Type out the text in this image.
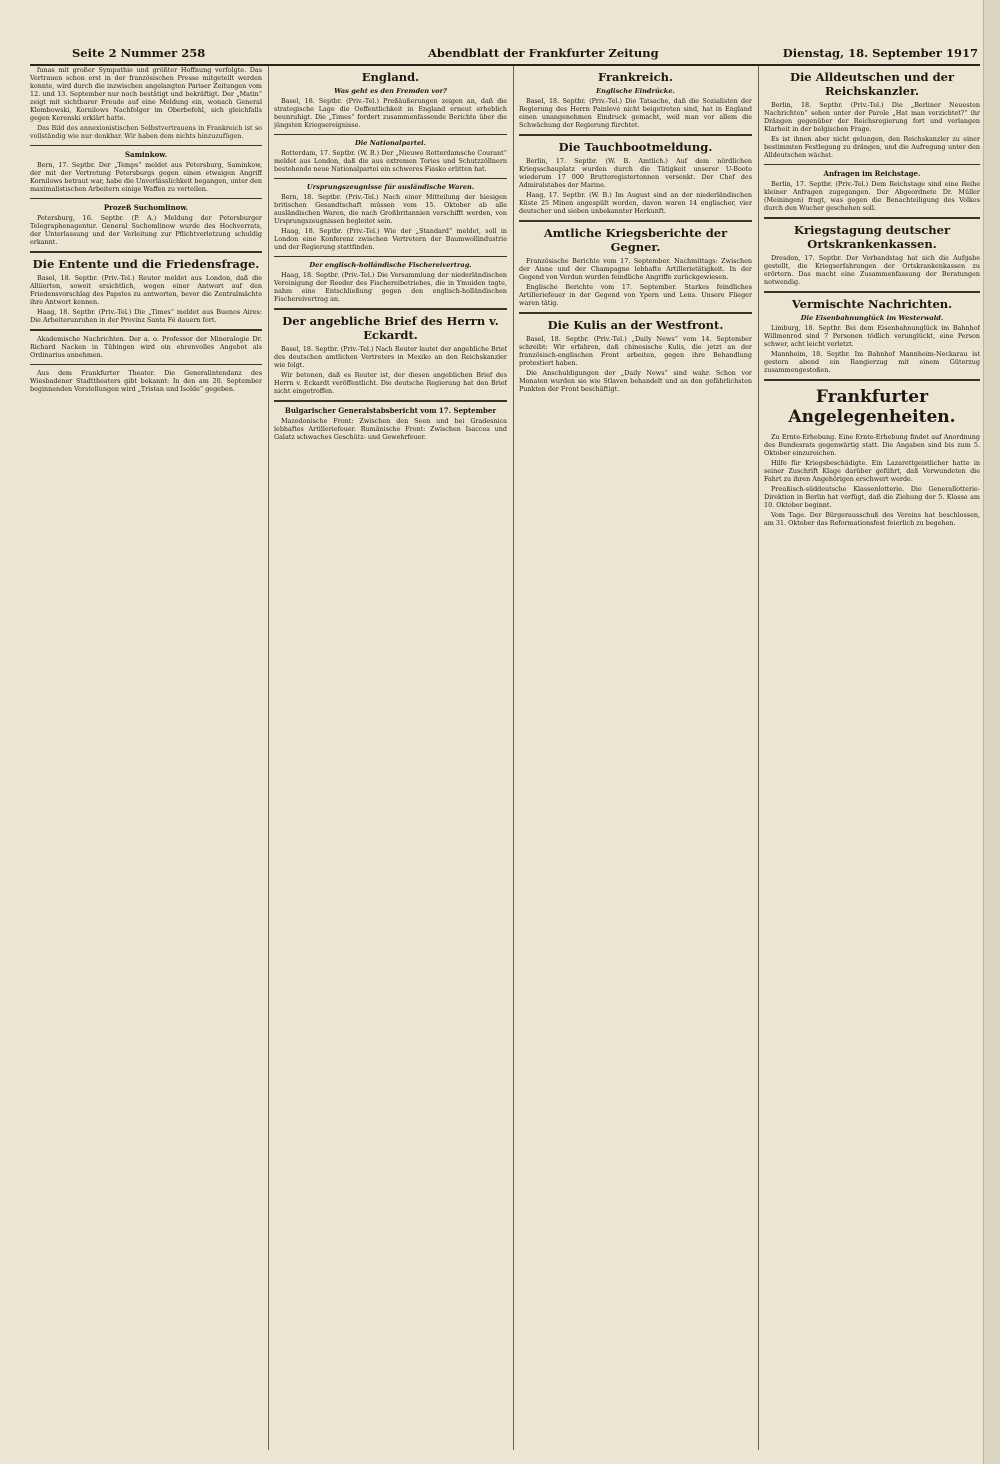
Seite 2 Nummer 258	Abendblatt der Frankfurter Zeitung	Dienstag, 18. September 1917

funas mit großer Sympathie und größter Hoffnung verfolgte. Das Vertrauen schon erst in der französischen Presse mitgeteilt werden konnte, wird durch die inzwischen angelangten Pariser Zeitungen vom 12. und 13. September nur noch bestätigt und bekräftigt. Der „Matin“ zeigt mit sichtbarer Freude auf eine Meldung ein, wonach General Klembowski, Kornilows Nachfolger im Oberbefehl, sich gleichfalls gegen Kerenski erklärt hatte.

Das Bild des annexionistischen Selbstvertrauens in Frankreich ist so vollständig wie nur denkbar. Wir haben dem nichts hinzuzufügen.

Saminkow.

Bern, 17. Septbr. Der „Temps“ meldet aus Petersburg, Saminkow, der mit der Vertretung Petersburgs gegen einen etwaigen Angriff Kornilows betraut war, habe die Unverlässlichkeit begangen, unter den maximalistischen Arbeitern einige Waffen zu verteilen.

Prozeß Suchomlinow.

Petersburg, 16. Septbr. (P. A.) Meldung der Petersburger Telegraphenagentur. General Suchomlinow wurde des Hochverrats, der Unterlassung und der Verleitung zur Pflichtverletzung schuldig erkannt.

Die Entente und die Friedensfrage.

Basel, 18. Septbr. (Priv.-Tel.) Reuter meldet aus London, daß die Alliierten, soweit ersichtlich, wegen einer Antwort auf den Friedensvorschlag des Papstes zu antworten, bevor die Zentralmächte ihre Antwort kennen.

Haag, 18. Septbr. (Priv.-Tel.) Die „Times“ meldet aus Buenos Aires: Die Arbeiterunruhen in der Provinz Santa Fé dauern fort.

Akademische Nachrichten. Der a. o. Professor der Mineralogie Dr. Richard Nacken in Tübingen wird ein ehrenvolles Angebot als Ordinarius annehmen.

Aus dem Frankfurter Theater. Die Generalintendanz des Wiesbadener Stadttheaters gibt bekannt: In den am 20. September beginnenden Vorstellungen wird „Tristan und Isolde“ gegeben.

England.
Was geht es den Fremden vor?

Basel, 18. Septbr. (Priv.-Tel.) Preßäußerungen zeigen an, daß die strategische Lage die Oeffentlichkeit in England erneut erheblich beunruhigt. Die „Times“ fordert zusammenfassende Berichte über die jüngsten Kriegsereignisse.

Die Nationalpartei.

Rotterdam, 17. Septbr. (W. B.) Der „Nieuwe Rotterdamsche Courant“ meldet aus London, daß die aus extremen Tories und Schutzzöllnern bestehende neue Nationalpartei ein schweres Fiasko erlitten hat.

Ursprungszeugnisse für ausländische Waren.

Bern, 18. Septbr. (Priv.-Tel.) Nach einer Mitteilung der hiesigen britischen Gesandtschaft müssen vom 15. Oktober ab alle ausländischen Waren, die nach Großbritannien verschifft werden, von Ursprungszeugnissen begleitet sein.

Haag, 18. Septbr. (Priv.-Tel.) Wie der „Standard“ meldet, soll in London eine Konferenz zwischen Vertretern der Baumwollindustrie und der Regierung stattfinden.

Der englisch-holländische Fischereivertrag.

Haag, 18. Septbr. (Priv.-Tel.) Die Versammlung der niederländischen Vereinigung der Reeder des Fischereibetriebes, die in Ymuiden tagte, nahm eine Entschließung gegen den englisch-holländischen Fischereivertrag an.

Der angebliche Brief des Herrn v. Eckardt.

Basel, 18. Septbr. (Priv.-Tel.) Nach Reuter lautet der angebliche Brief des deutschen amtlichen Vertreters in Mexiko an den Reichskanzler wie folgt.

Wir betonen, daß es Reuter ist, der diesen angeblichen Brief des Herrn v. Eckardt veröffentlicht. Die deutsche Regierung hat den Brief nicht eingetroffen.

Bulgarischer Generalstabsbericht vom 17. September

Mazedonische Front: Zwischen den Seen und bei Gradesnica lebhaftes Artilleriefeuer. Rumänische Front: Zwischen Isaccea und Galatz schwaches Geschütz- und Gewehrfeuer.

Frankreich.
Englische Eindrücke.

Basel, 18. Septbr. (Priv.-Tel.) Die Tatsache, daß die Sozialisten der Regierung des Herrn Painlevé nicht beigetreten sind, hat in England einen unangenehmen Eindruck gemacht, weil man vor allem die Schwächung der Regierung fürchtet.

Die Tauchbootmeldung.

Berlin, 17. Septbr. (W. B. Amtlich.) Auf dem nördlichen Kriegsschauplatz wurden durch die Tätigkeit unserer U-Boote wiederum 17 000 Bruttoregistertonnen versenkt. Der Chef des Admiralstabes der Marine.

Haag, 17. Septbr. (W. B.) Im August sind an der niederländischen Küste 25 Minen angespült worden, davon waren 14 englischer, vier deutscher und sieben unbekannter Herkunft.

Amtliche Kriegsberichte der Gegner.

Französische Berichte vom 17. September. Nachmittags: Zwischen der Aisne und der Champagne lebhafte Artillerietätigkeit. In der Gegend von Verdun wurden feindliche Angriffe zurückgewiesen.

Englische Berichte vom 17. September. Starkes feindliches Artilleriefeuer in der Gegend von Ypern und Lens. Unsere Flieger waren tätig.

Die Kulis an der Westfront.

Basel, 18. Septbr. (Priv.-Tel.) „Daily News“ vom 14. September schreibt: Wir erfahren, daß chinesische Kulis, die jetzt an der französisch-englischen Front arbeiten, gegen ihre Behandlung protestiert haben.

Die Anschuldigungen der „Daily News“ sind wahr. Schon vor Monaten wurden sie wie Stlaven behandelt und an den gefährlichsten Punkten der Front beschäftigt.

Die Alldeutschen und der Reichskanzler.

Berlin, 18. Septbr. (Priv.-Tel.) Die „Berliner Neuesten Nachrichten“ sehen unter der Parole „Hat man verzichtet?“ ihr Drängen gegenüber der Reichsregierung fort und verlangen Klarheit in der belgischen Frage.

Es ist ihnen aber nicht gelungen, den Reichskanzler zu einer bestimmten Festlegung zu drängen, und die Aufregung unter den Alldeutschen wächst.

Anfragen im Reichstage.

Berlin, 17. Septbr. (Priv.-Tel.) Dem Reichstage sind eine Reihe kleiner Anfragen zugegangen. Der Abgeordnete Dr. Müller (Meiningen) fragt, was gegen die Benachteiligung des Volkes durch den Wucher geschehen soll.

Kriegstagung deutscher Ortskrankenkassen.

Dresden, 17. Septbr. Der Verbandstag hat sich die Aufgabe gestellt, die Kriegserfahrungen der Ortskrankenkassen zu erörtern. Das macht eine Zusammenfassung der Beratungen notwendig.

Vermischte Nachrichten.
Die Eisenbahnunglück im Westerwald.

Limburg, 18. Septbr. Bei dem Eisenbahnunglück im Bahnhof Willmenrod sind 7 Personen tödlich verunglückt, eine Person schwer, acht leicht verletzt.

Mannheim, 18. Septbr. Im Bahnhof Mannheim-Neckarau ist gestern abend ein Rangierzug mit einem Güterzug zusammengestoßen.

Frankfurter Angelegenheiten.

Zu Ernte-Erhebung. Eine Ernte-Erhebung findet auf Anordnung des Bundesrats gegenwärtig statt. Die Angaben sind bis zum 5. Oktober einzureichen.

Hilfe für Kriegsbeschädigte. Ein Lazarettgeistlicher hatte in seiner Zuschrift Klage darüber geführt, daß Verwundeten die Fahrt zu ihren Angehörigen erschwert werde.

Preußisch-süddeutsche Klassenlotterie. Die Generallotterie-Direktion in Berlin hat verfügt, daß die Ziehung der 5. Klasse am 10. Oktober beginnt.

Vom Tage. Der Bürgerausschuß des Vereins hat beschlossen, am 31. Oktober das Reformationsfest feierlich zu begehen.
